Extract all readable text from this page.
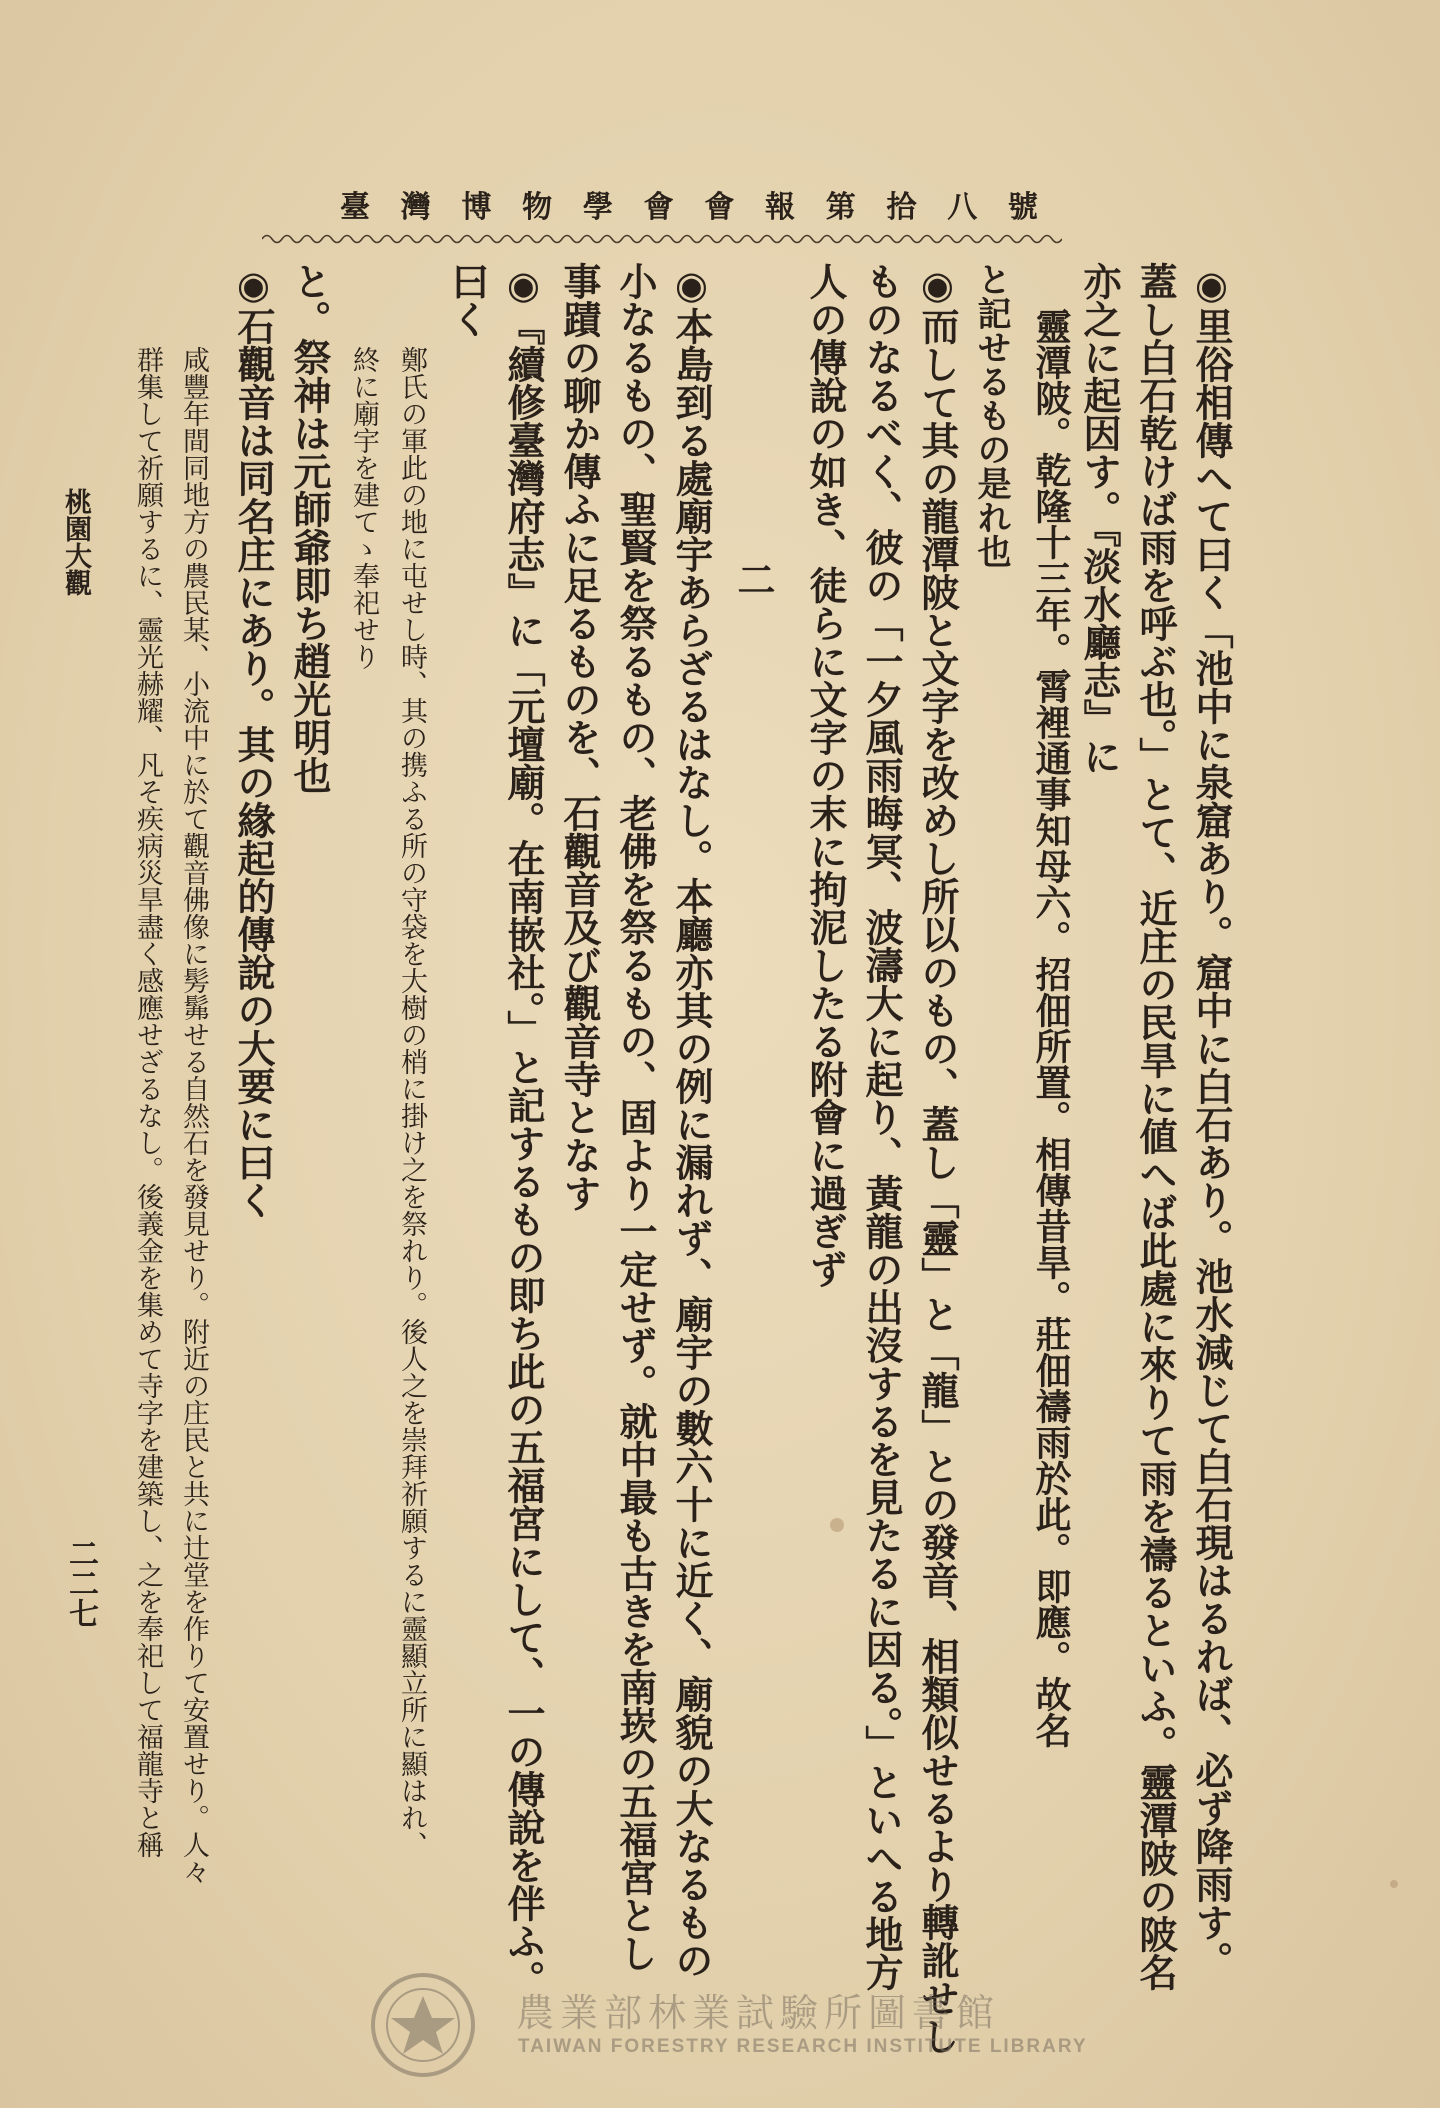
臺 灣 博 物 學 會 會 報 第 拾 八 號
◉里俗相傳へて曰く「池中に泉窟あり。窟中に白石あり。池水減じて白石現はるれば、必ず降雨す。
蓋し白石乾けば雨を呼ぶ也。」とて、近庄の民旱に値へば此處に來りて雨を禱るといふ。靈潭陂の陂名
亦之に起因す。『淡水廳志』に
靈潭陂。乾隆十三年。霄裡通事知母六。招佃所置。相傳昔旱。莊佃禱雨於此。即應。故名
と記せるもの是れ也
◉而して其の龍潭陂と文字を改めし所以のもの、蓋し「靈」と「龍」との發音、相類似せるより轉訛せし
ものなるべく、彼の「一夕風雨晦冥、波濤大に起り、黃龍の出沒するを見たるに因る。」といへる地方
人の傳說の如き、徒らに文字の末に拘泥したる附會に過ぎず
二
◉本島到る處廟宇あらざるはなし。本廳亦其の例に漏れず、廟宇の數六十に近く、廟貌の大なるもの
小なるもの、聖賢を祭るもの、老佛を祭るもの、固より一定せず。就中最も古きを南崁の五福宮とし
事蹟の聊か傳ふに足るものを、石觀音及び觀音寺となす
◉『續修臺灣府志』に「元壇廟。在南嵌社。」と記するもの即ち此の五福宮にして、一の傳說を伴ふ。
曰く
鄭氏の軍此の地に屯せし時、其の携ふる所の守袋を大樹の梢に掛け之を祭れり。後人之を崇拜祈願するに靈顯立所に顯はれ、
終に廟宇を建てゝ奉祀せり
と。祭神は元師爺即ち趙光明也
◉石觀音は同名庄にあり。其の緣起的傳說の大要に曰く
咸豐年間同地方の農民某、小流中に於て觀音佛像に髣髴せる自然石を發見せり。附近の庄民と共に辻堂を作りて安置せり。人々
群集して祈願するに、靈光赫耀、凡そ疾病災旱盡く感應せざるなし。後義金を集めて寺字を建築し、之を奉祀して福龍寺と稱
桃園大觀
二二七
農業部林業試驗所圖書館
TAIWAN FORESTRY RESEARCH INSTITUTE LIBRARY
